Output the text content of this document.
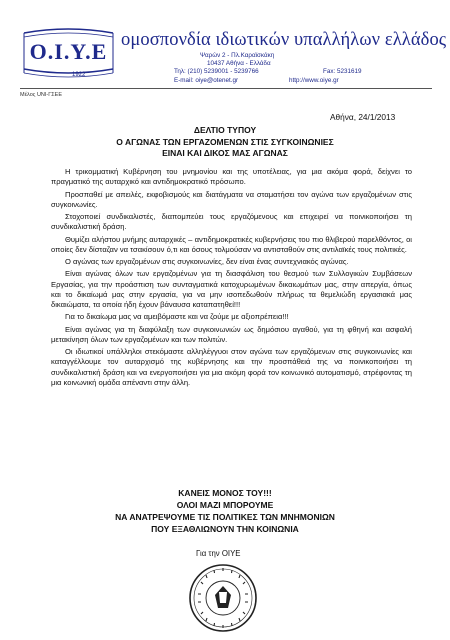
O.I.Y.E
1922
ομοσπονδία ιδιωτικών υπαλλήλων ελλάδος
Ψαρών 2 - Πλ.Καραϊσκάκη
10437 Αθήνα - Ελλάδα
Τηλ: (210) 5239001 - 5239766	Fax: 5231619
E-mail: oiye@otenet.gr	http://www.oiye.gr
Μέλος UNI-ΓΣΕΕ
Αθήνα, 24/1/2013
ΔΕΛΤΙΟ ΤΥΠΟΥ
Ο ΑΓΩΝΑΣ ΤΩΝ ΕΡΓΑΖΟΜΕΝΩΝ ΣΤΙΣ ΣΥΓΚΟΙΝΩΝΙΕΣ
ΕΙΝΑΙ ΚΑΙ ΔΙΚΟΣ ΜΑΣ ΑΓΩΝΑΣ

Η τρικομματική Κυβέρνηση του μνημονίου και της υποτέλειας, για μια ακόμα φορά, δείχνει το πραγματικό της αυταρχικό και αντιδημοκρατικό πρόσωπο.

Προσπαθεί με απειλές, εκφοβισμούς και διατάγματα να σταματήσει τον αγώνα των εργαζομένων στις συγκοινωνίες.

Στοχοποιεί συνδικαλιστές, διαπομπεύει τους εργαζόμενους και επιχειρεί να ποινικοποιήσει τη συνδικαλιστική δράση.

Θυμίζει αλήστου μνήμης αυταρχικές – αντιδημοκρατικές κυβερνήσεις του πιο θλιβερού παρελθόντος, οι οποίες δεν δίσταζαν να τσακίσουν ό,τι και όσους τολμούσαν να αντισταθούν στις αντιλαϊκές τους πολιτικές.

Ο αγώνας των εργαζομένων στις συγκοινωνίες, δεν είναι ένας συντεχνιακός αγώνας.

Είναι αγώνας όλων των εργαζομένων για τη διασφάλιση του θεσμού των Συλλογικών Συμβάσεων Εργασίας, για την προάσπιση των συνταγματικά κατοχυρωμένων δικαιωμάτων μας, στην απεργία, όπως και το δικαίωμά μας στην εργασία, για να μην ισοπεδωθούν πλήρως τα θεμελιώδη εργασιακά μας δικαιώματα, τα οποία ήδη έχουν βάναυσα καταπατηθεί!!!

Για το δικαίωμα μας να αμειβόμαστε και να ζούμε με αξιοπρέπεια!!!

Είναι αγώνας για τη διαφύλαξη των συγκοινωνιών ως δημόσιου αγαθού, για τη φθηνή και ασφαλή μετακίνηση όλων των εργαζομένων και των πολιτών.

Οι ιδιωτικοί υπάλληλοι στεκόμαστε αλληλέγγυοι στον αγώνα των εργαζόμενων στις συγκοινωνίες και καταγγέλλουμε τον αυταρχισμό της κυβέρνησης και την προσπάθειά της να ποινικοποιήσει τη συνδικαλιστική δράση και να ενεργοποιήσει για μια ακόμη φορά τον κοινωνικό αυτοματισμό, στρέφοντας τη μια κοινωνική ομάδα απέναντι στην άλλη.

ΚΑΝΕΙΣ ΜΟΝΟΣ ΤΟΥ!!!
ΟΛΟΙ ΜΑΖΙ ΜΠΟΡΟΥΜΕ
ΝΑ ΑΝΑΤΡΕΨΟΥΜΕ ΤΙΣ ΠΟΛΙΤΙΚΕΣ ΤΩΝ ΜΝΗΜΟΝΙΩΝ
ΠΟΥ ΕΞΑΘΛΙΩΝΟΥΝ ΤΗΝ ΚΟΙΝΩΝΙΑ
Για την ΟΙΥΕ
